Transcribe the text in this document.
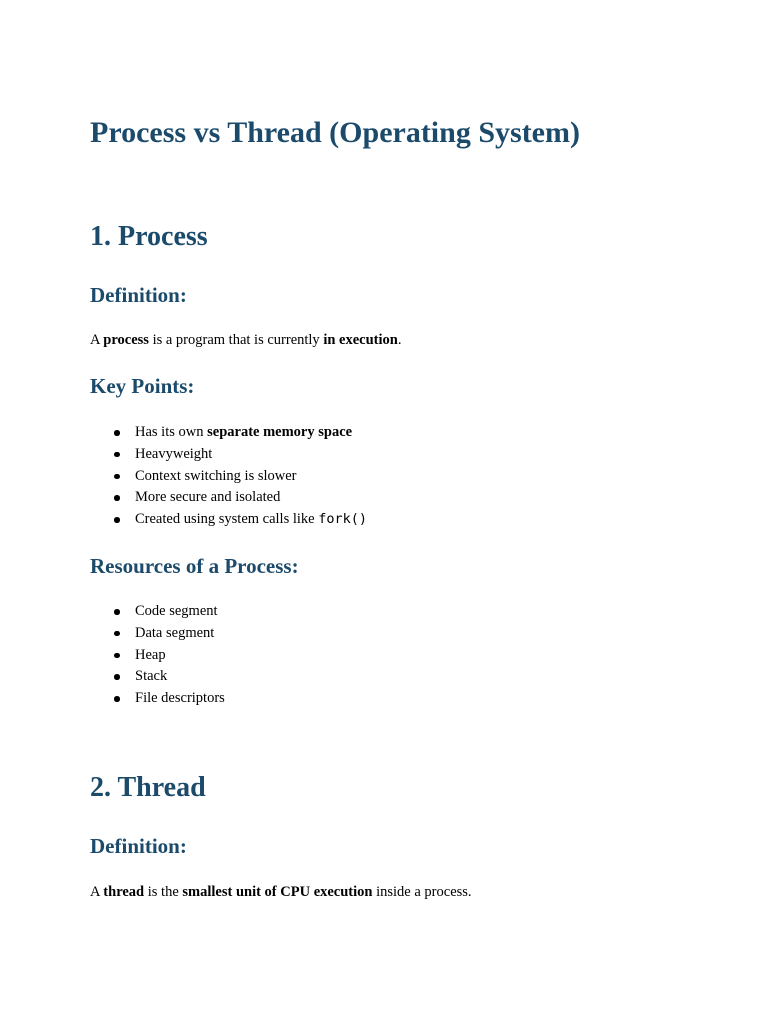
Process vs Thread (Operating System)
1. Process
Definition:

A process is a program that is currently in execution.

Key Points:
Has its own separate memory space
Heavyweight
Context switching is slower
More secure and isolated
Created using system calls like fork()
Resources of a Process:
Code segment
Data segment
Heap
Stack
File descriptors
2. Thread
Definition:

A thread is the smallest unit of CPU execution inside a process.
